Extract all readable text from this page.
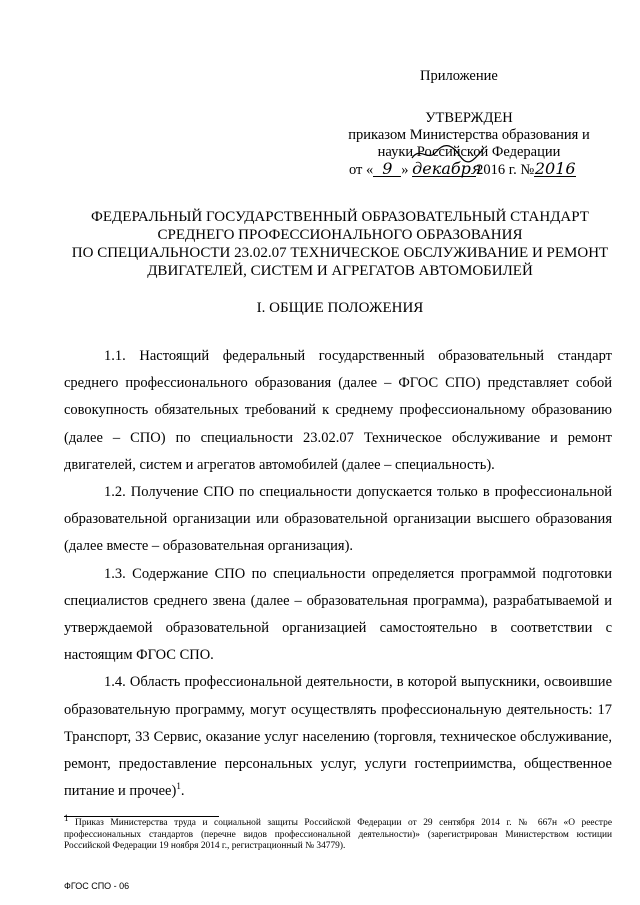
Приложение
УТВЕРЖДЕН
приказом Министерства образования и
науки Российской Федерации
от « 9 » декабря2016 г. №2016
ФЕДЕРАЛЬНЫЙ ГОСУДАРСТВЕННЫЙ ОБРАЗОВАТЕЛЬНЫЙ СТАНДАРТ
СРЕДНЕГО ПРОФЕССИОНАЛЬНОГО ОБРАЗОВАНИЯ
ПО СПЕЦИАЛЬНОСТИ 23.02.07 ТЕХНИЧЕСКОЕ ОБСЛУЖИВАНИЕ И РЕМОНТ
ДВИГАТЕЛЕЙ, СИСТЕМ И АГРЕГАТОВ АВТОМОБИЛЕЙ
I. ОБЩИЕ ПОЛОЖЕНИЯ

1.1. Настоящий федеральный государственный образовательный стандарт среднего профессионального образования (далее – ФГОС СПО) представляет собой совокупность обязательных требований к среднему профессиональному образованию (далее – СПО) по специальности 23.02.07 Техническое обслуживание и ремонт двигателей, систем и агрегатов автомобилей (далее – специальность).

1.2. Получение СПО по специальности допускается только в профессиональной образовательной организации или образовательной организации высшего образования (далее вместе – образовательная организация).

1.3. Содержание СПО по специальности определяется программой подготовки специалистов среднего звена (далее – образовательная программа), разрабатываемой и утверждаемой образовательной организацией самостоятельно в соответствии с настоящим ФГОС СПО.

1.4. Область профессиональной деятельности, в которой выпускники, освоившие образовательную программу, могут осуществлять профессиональную деятельность: 17 Транспорт, 33 Сервис, оказание услуг населению (торговля, техническое обслуживание, ремонт, предоставление персональных услуг, услуги гостеприимства, общественное питание и прочее)$^1$.

$^1$ Приказ Министерства труда и социальной защиты Российской Федерации от 29 сентября 2014 г. № 667н «О реестре профессиональных стандартов (перечне видов профессиональной деятельности)» (зарегистрирован Министерством юстиции Российской Федерации 19 ноября 2014 г., регистрационный № 34779).

ФГОС СПО - 06
